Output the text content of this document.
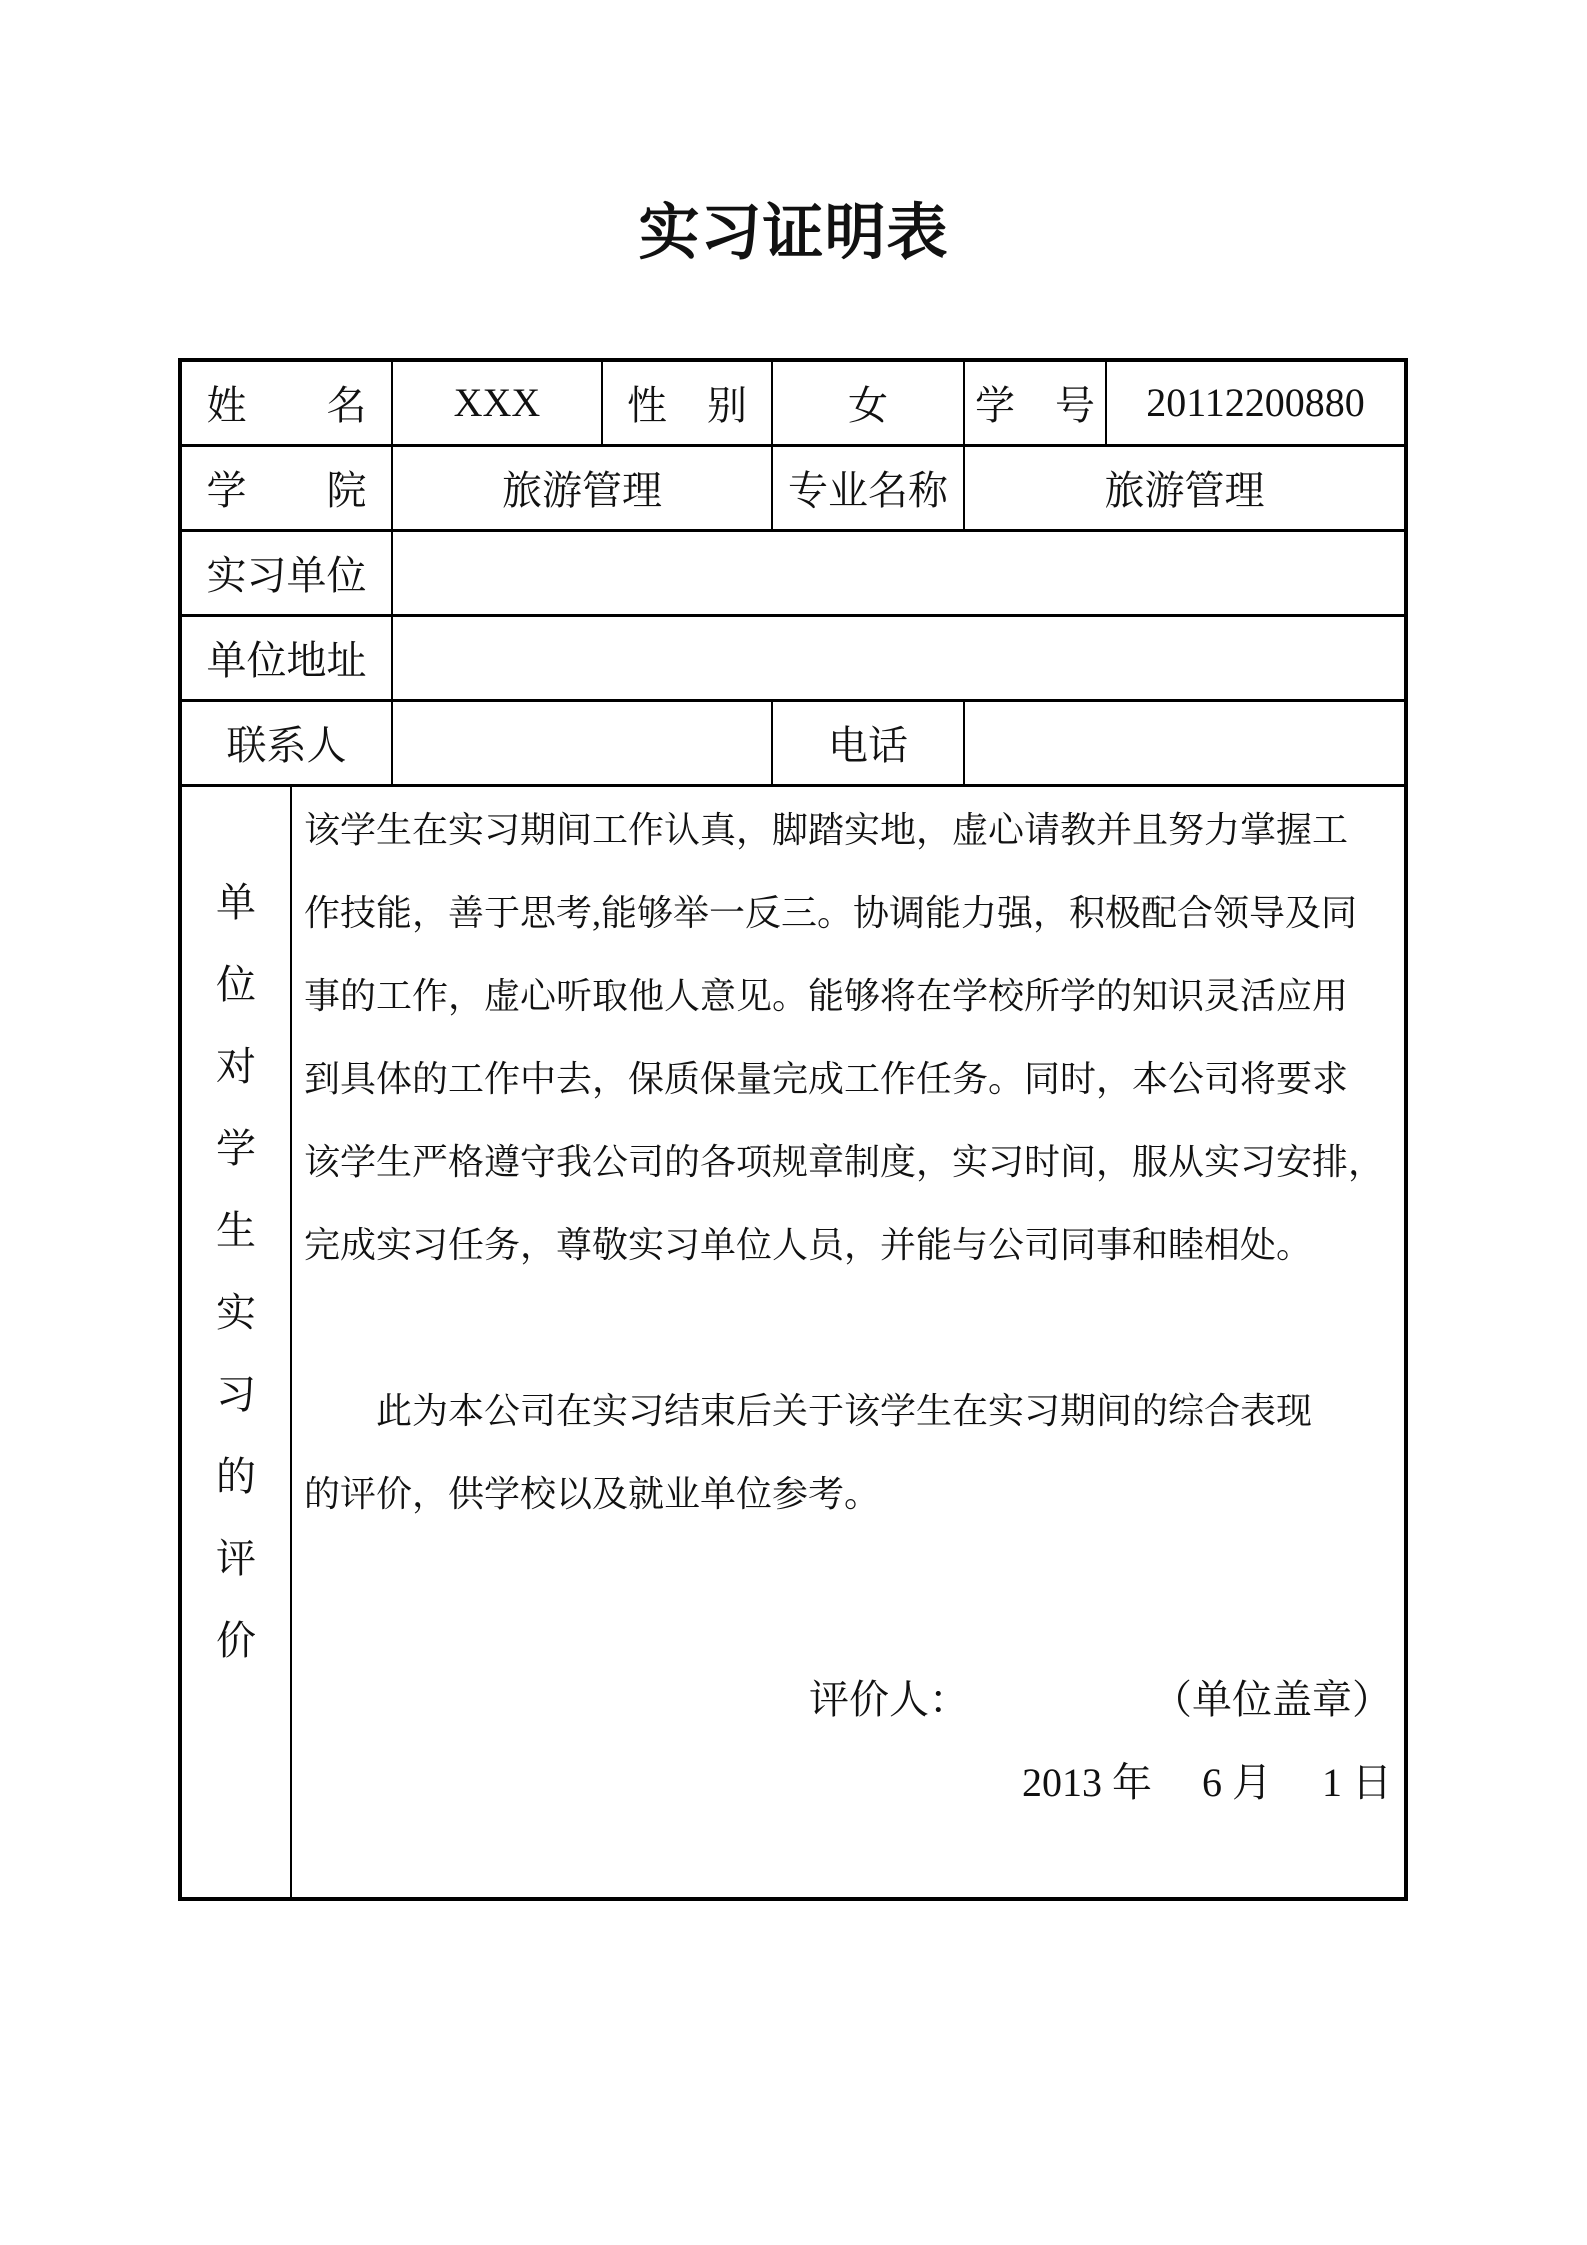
实习证明表
姓　　名	XXX	性　别	女	学　号	20112200880
学　　院	旅游管理		专业名称	旅游管理	
实习单位					
单位地址					
联系人			电话		

单位对学生实习的评价
该学生在实习期间工作认真，脚踏实地，虚心请教并且努力掌握工
作技能，善于思考,能够举一反三。协调能力强，积极配合领导及同
事的工作，虚心听取他人意见。能够将在学校所学的知识灵活应用
到具体的工作中去，保质保量完成工作任务。同时，本公司将要求
该学生严格遵守我公司的各项规章制度，实习时间，服从实习安排，
完成实习任务，尊敬实习单位人员，并能与公司同事和睦相处。

　　此为本公司在实习结束后关于该学生在实习期间的综合表现
的评价，供学校以及就业单位参考。
评价人：	（单位盖章）
2013 年　 6 月　 1 日
